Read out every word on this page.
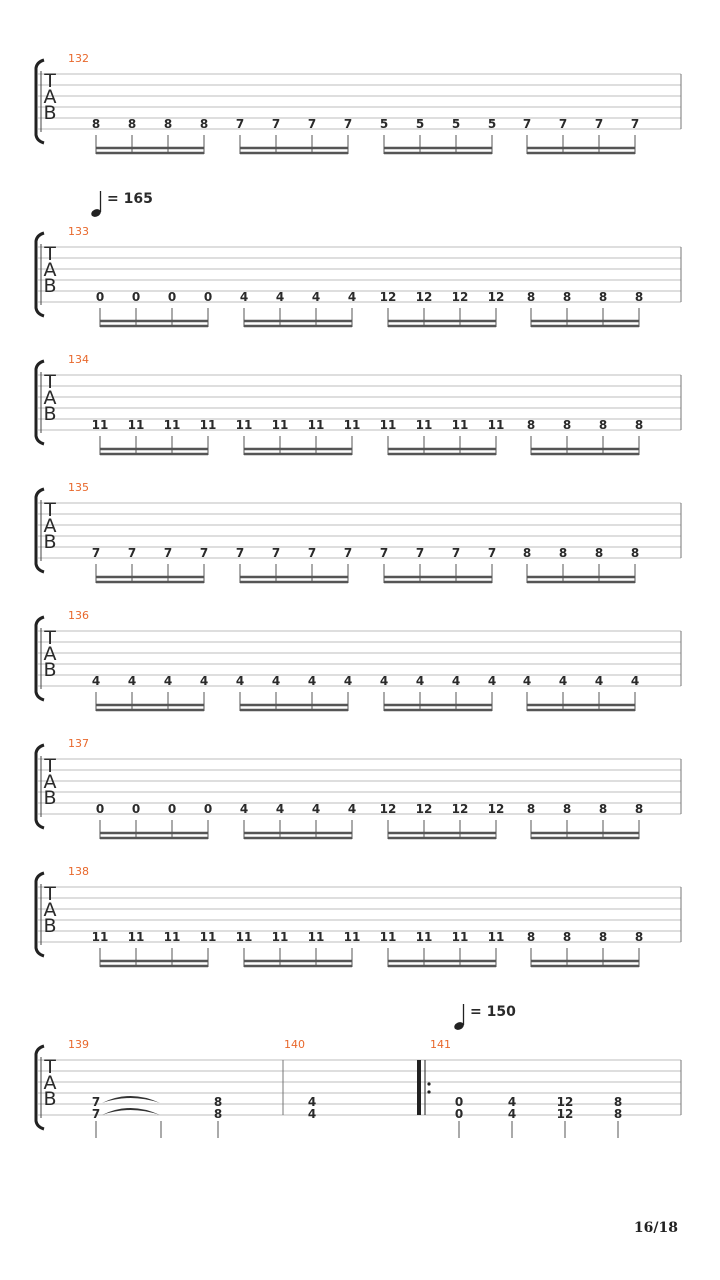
T
A
B
132
8 8 8 8 7 7 7 7 5 5 5 5 7 7 7 7
T
A
B
= 165
133
0 0 0 0 4 4 4 4 12 12 12 12 8 8 8 8
T
A
B
134
11 11 11 11 11 11 11 11 11 11 11 11 8 8 8 8
T
A
B
135
7 7 7 7 7 7 7 7 7 7 7 7 8 8 8 8
T
A
B
136
4 4 4 4 4 4 4 4 4 4 4 4 4 4 4 4
T
A
B
137
0 0 0 0 4 4 4 4 12 12 12 12 8 8 8 8
T
A
B
138
11 11 11 11 11 11 11 11 11 11 11 11 8 8 8 8
T
A
B
= 150
139	140	141
7
7
8
8
4
4
0
0
4
4
12
12
8
8
16/18
